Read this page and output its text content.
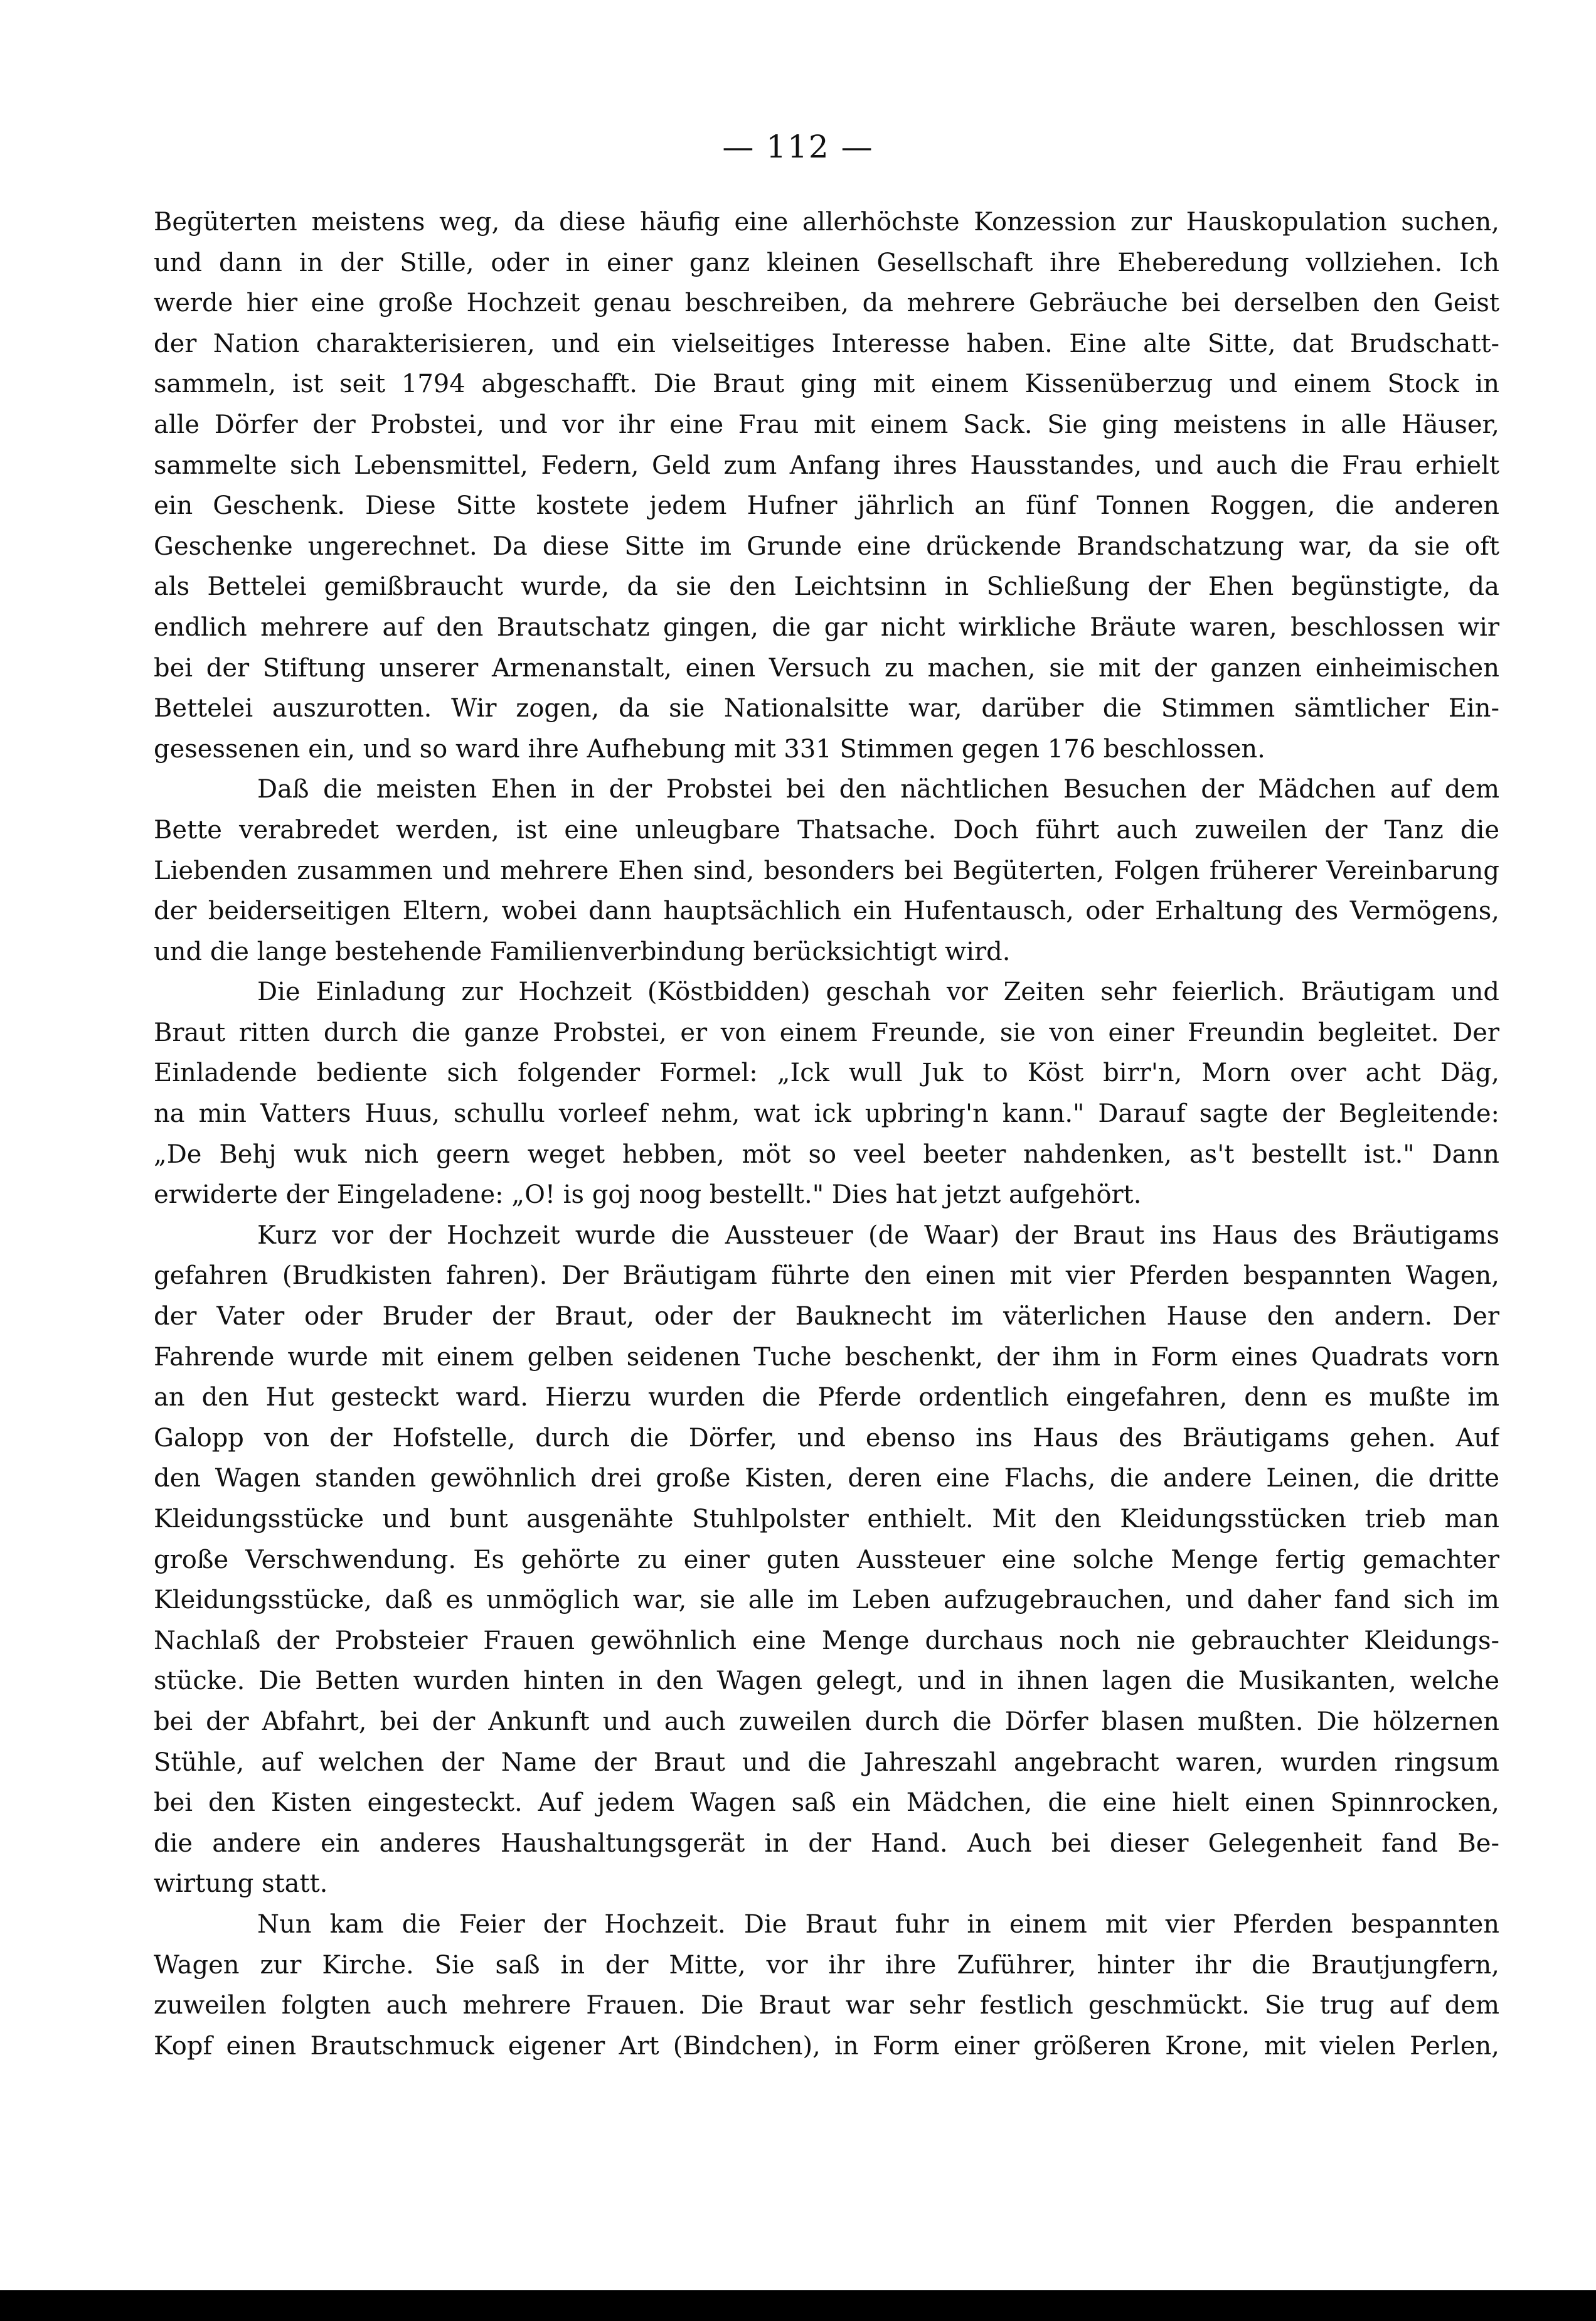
— 112 —
Begüterten meistens weg, da diese häufig eine allerhöchste Konzession zur Hauskopulation suchen,
und dann in der Stille, oder in einer ganz kleinen Gesellschaft ihre Eheberedung vollziehen. Ich
werde hier eine große Hochzeit genau beschreiben, da mehrere Gebräuche bei derselben den Geist
der Nation charakterisieren, und ein vielseitiges Interesse haben. Eine alte Sitte, dat Brudschatt-
sammeln, ist seit 1794 abgeschafft. Die Braut ging mit einem Kissenüberzug und einem Stock in
alle Dörfer der Probstei, und vor ihr eine Frau mit einem Sack. Sie ging meistens in alle Häuser,
sammelte sich Lebensmittel, Federn, Geld zum Anfang ihres Hausstandes, und auch die Frau erhielt
ein Geschenk. Diese Sitte kostete jedem Hufner jährlich an fünf Tonnen Roggen, die anderen
Geschenke ungerechnet. Da diese Sitte im Grunde eine drückende Brandschatzung war, da sie oft
als Bettelei gemißbraucht wurde, da sie den Leichtsinn in Schließung der Ehen begünstigte, da
endlich mehrere auf den Brautschatz gingen, die gar nicht wirkliche Bräute waren, beschlossen wir
bei der Stiftung unserer Armenanstalt, einen Versuch zu machen, sie mit der ganzen einheimischen
Bettelei auszurotten. Wir zogen, da sie Nationalsitte war, darüber die Stimmen sämtlicher Ein-
gesessenen ein, und so ward ihre Aufhebung mit 331 Stimmen gegen 176 beschlossen.
Daß die meisten Ehen in der Probstei bei den nächtlichen Besuchen der Mädchen auf dem
Bette verabredet werden, ist eine unleugbare Thatsache. Doch führt auch zuweilen der Tanz die
Liebenden zusammen und mehrere Ehen sind, besonders bei Begüterten, Folgen früherer Vereinbarung
der beiderseitigen Eltern, wobei dann hauptsächlich ein Hufentausch, oder Erhaltung des Vermögens,
und die lange bestehende Familienverbindung berücksichtigt wird.
Die Einladung zur Hochzeit (Köstbidden) geschah vor Zeiten sehr feierlich. Bräutigam und
Braut ritten durch die ganze Probstei, er von einem Freunde, sie von einer Freundin begleitet. Der
Einladende bediente sich folgender Formel: „Ick wull Juk to Köst birr'n, Morn over acht Däg,
na min Vatters Huus, schullu vorleef nehm, wat ick upbring'n kann." Darauf sagte der Begleitende:
„De Behj wuk nich geern weget hebben, möt so veel beeter nahdenken, as't bestellt ist." Dann
erwiderte der Eingeladene: „O! is goj noog bestellt." Dies hat jetzt aufgehört.
Kurz vor der Hochzeit wurde die Aussteuer (de Waar) der Braut ins Haus des Bräutigams
gefahren (Brudkisten fahren). Der Bräutigam führte den einen mit vier Pferden bespannten Wagen,
der Vater oder Bruder der Braut, oder der Bauknecht im väterlichen Hause den andern. Der
Fahrende wurde mit einem gelben seidenen Tuche beschenkt, der ihm in Form eines Quadrats vorn
an den Hut gesteckt ward. Hierzu wurden die Pferde ordentlich eingefahren, denn es mußte im
Galopp von der Hofstelle, durch die Dörfer, und ebenso ins Haus des Bräutigams gehen. Auf
den Wagen standen gewöhnlich drei große Kisten, deren eine Flachs, die andere Leinen, die dritte
Kleidungsstücke und bunt ausgenähte Stuhlpolster enthielt. Mit den Kleidungsstücken trieb man
große Verschwendung. Es gehörte zu einer guten Aussteuer eine solche Menge fertig gemachter
Kleidungsstücke, daß es unmöglich war, sie alle im Leben aufzugebrauchen, und daher fand sich im
Nachlaß der Probsteier Frauen gewöhnlich eine Menge durchaus noch nie gebrauchter Kleidungs-
stücke. Die Betten wurden hinten in den Wagen gelegt, und in ihnen lagen die Musikanten, welche
bei der Abfahrt, bei der Ankunft und auch zuweilen durch die Dörfer blasen mußten. Die hölzernen
Stühle, auf welchen der Name der Braut und die Jahreszahl angebracht waren, wurden ringsum
bei den Kisten eingesteckt. Auf jedem Wagen saß ein Mädchen, die eine hielt einen Spinnrocken,
die andere ein anderes Haushaltungsgerät in der Hand. Auch bei dieser Gelegenheit fand Be-
wirtung statt.
Nun kam die Feier der Hochzeit. Die Braut fuhr in einem mit vier Pferden bespannten
Wagen zur Kirche. Sie saß in der Mitte, vor ihr ihre Zuführer, hinter ihr die Brautjungfern,
zuweilen folgten auch mehrere Frauen. Die Braut war sehr festlich geschmückt. Sie trug auf dem
Kopf einen Brautschmuck eigener Art (Bindchen), in Form einer größeren Krone, mit vielen Perlen,
